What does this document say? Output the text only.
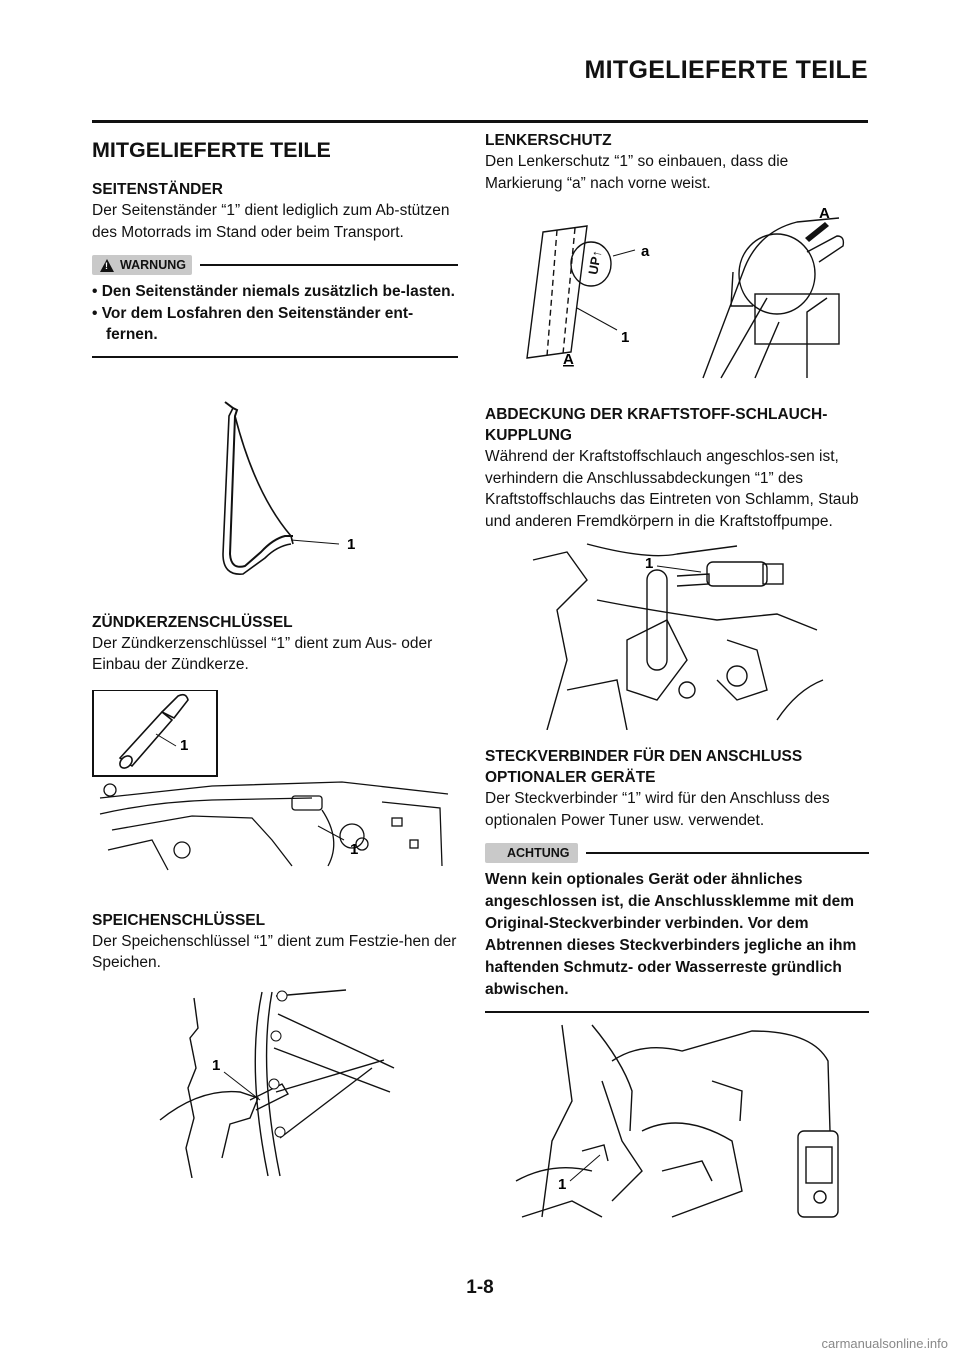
MITGELIEFERTE TEILE
MITGELIEFERTE TEILE
SEITENSTÄNDER
Der Seitenständer “1” dient lediglich zum Ab-stützen des Motorrads im Stand oder beim Transport.
! WARNUNG
• Den Seitenständer niemals zusätzlich be-lasten.
• Vor dem Losfahren den Seitenständer ent-fernen.
1
ZÜNDKERZENSCHLÜSSEL
Der Zündkerzenschlüssel “1” dient zum Aus- oder Einbau der Zündkerze.
1
1
SPEICHENSCHLÜSSEL
Der Speichenschlüssel “1” dient zum Festzie-hen der Speichen.
1
LENKERSCHUTZ
Den Lenkerschutz “1” so einbauen, dass die Markierung “a” nach vorne weist.
UP↑
A
a
1
A
ABDECKUNG DER KRAFTSTOFF-SCHLAUCH-KUPPLUNG
Während der Kraftstoffschlauch angeschlos-sen ist, verhindern die Anschlussabdeckungen “1” des Kraftstoffschlauchs das Eintreten von Schlamm, Staub und anderen Fremdkörpern in die Kraftstoffpumpe.
1
STECKVERBINDER FÜR DEN ANSCHLUSS OPTIONALER GERÄTE
Der Steckverbinder “1” wird für den Anschluss des optionalen Power Tuner usw. verwendet.
ACHTUNG
Wenn kein optionales Gerät oder ähnliches angeschlossen ist, die Anschlussklemme mit dem Original-Steckverbinder verbinden. Vor dem Abtrennen dieses Steckverbinders jegliche an ihm haftenden Schmutz- oder Wasserreste gründlich abwischen.
1
1-8
carmanualsonline.info
